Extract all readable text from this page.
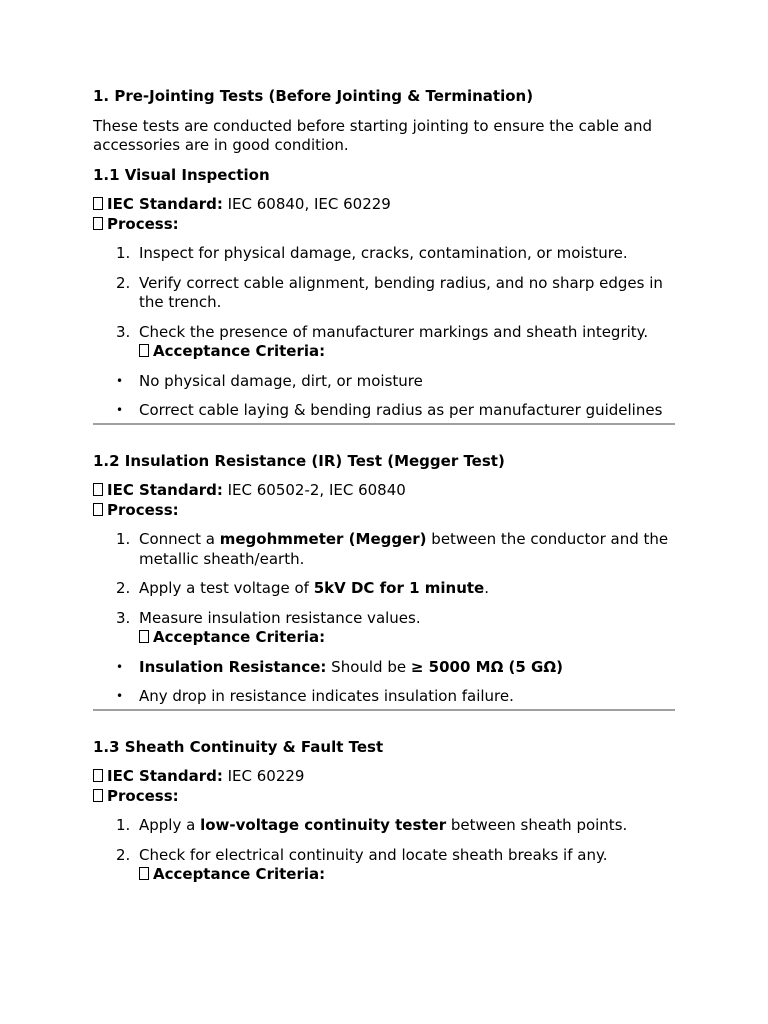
1. Pre-Jointing Tests (Before Jointing & Termination)

These tests are conducted before starting jointing to ensure the cable and accessories are in good condition.

1.1 Visual Inspection

IEC Standard: IEC 60840, IEC 60229

Process:

1. Inspect for physical damage, cracks, contamination, or moisture.
2. Verify correct cable alignment, bending radius, and no sharp edges in the trench.
3. Check the presence of manufacturer markings and sheath integrity.
Acceptance Criteria:
• No physical damage, dirt, or moisture
• Correct cable laying & bending radius as per manufacturer guidelines
1.2 Insulation Resistance (IR) Test (Megger Test)

IEC Standard: IEC 60502-2, IEC 60840

Process:

1. Connect a megohmmeter (Megger) between the conductor and the metallic sheath/earth.
2. Apply a test voltage of 5kV DC for 1 minute.
3. Measure insulation resistance values.
Acceptance Criteria:
• Insulation Resistance: Should be ≥ 5000 MΩ (5 GΩ)
• Any drop in resistance indicates insulation failure.
1.3 Sheath Continuity & Fault Test

IEC Standard: IEC 60229

Process:

1. Apply a low-voltage continuity tester between sheath points.
2. Check for electrical continuity and locate sheath breaks if any.
Acceptance Criteria:
